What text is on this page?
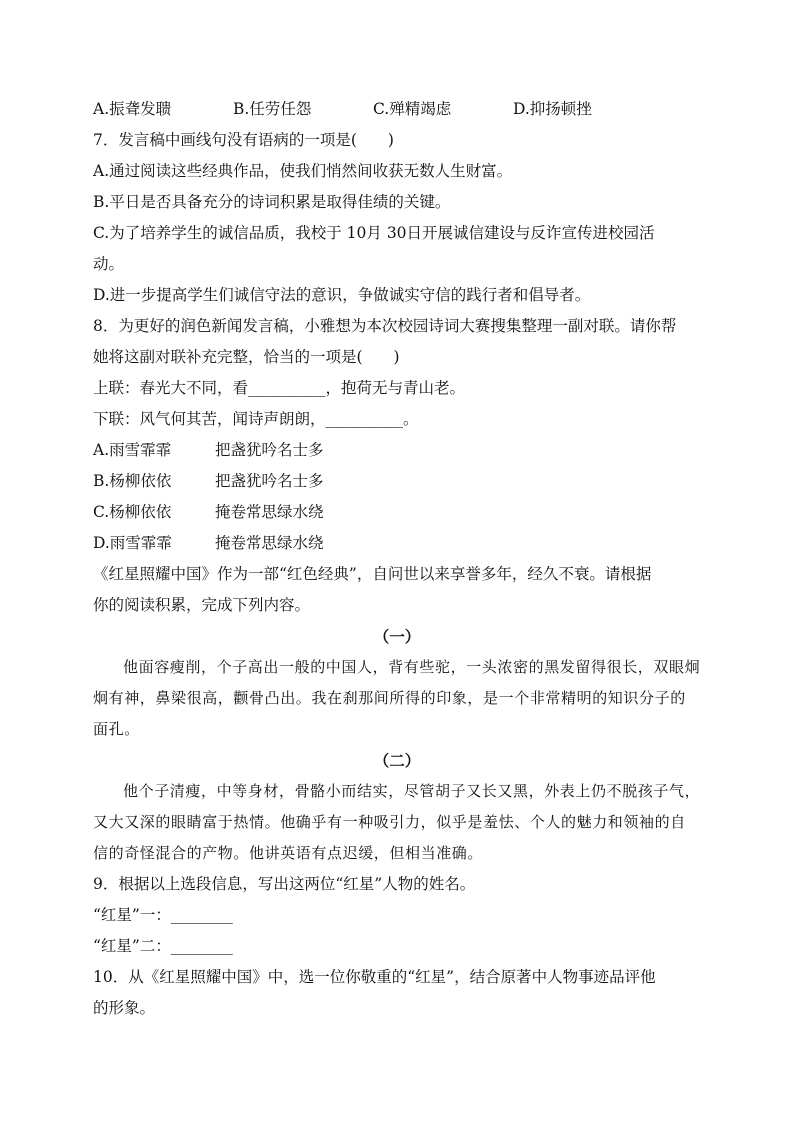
A.振聋发聩	B.任劳任怨	C.殚精竭虑	D.抑扬顿挫
7．发言稿中画线句没有语病的一项是(　　)
A.通过阅读这些经典作品，使我们悄然间收获无数人生财富。
B.平日是否具备充分的诗词积累是取得佳绩的关键。
C.为了培养学生的诚信品质，我校于 10月 30日开展诚信建设与反诈宣传进校园活
动。
D.进一步提高学生们诚信守法的意识，争做诚实守信的践行者和倡导者。
8．为更好的润色新闻发言稿，小雅想为本次校园诗词大赛搜集整理一副对联。请你帮
她将这副对联补充完整，恰当的一项是(　　)
上联：春光大不同，看__________，抱荷无与青山老。
下联：风气何其苦，闻诗声朗朗，__________。
A.雨雪霏霏	把盏犹吟名士多
B.杨柳依依	把盏犹吟名士多
C.杨柳依依	掩卷常思绿水绕
D.雨雪霏霏	掩卷常思绿水绕
《红星照耀中国》作为一部“红色经典”，自问世以来享誉多年，经久不衰。请根据
你的阅读积累，完成下列内容。
（一）
他面容瘦削，个子高出一般的中国人，背有些驼，一头浓密的黑发留得很长，双眼炯炯有神，鼻梁很高，颧骨凸出。我在刹那间所得的印象，是一个非常精明的知识分子的面孔。
（二）
他个子清瘦，中等身材，骨骼小而结实，尽管胡子又长又黑，外表上仍不脱孩子气，又大又深的眼睛富于热情。他确乎有一种吸引力，似乎是羞怯、个人的魅力和领袖的自信的奇怪混合的产物。他讲英语有点迟缓，但相当准确。
9．根据以上选段信息，写出这两位“红星”人物的姓名。
“红星”一：________
“红星”二：________
10．从《红星照耀中国》中，选一位你敬重的“红星”，结合原著中人物事迹品评他
的形象。
